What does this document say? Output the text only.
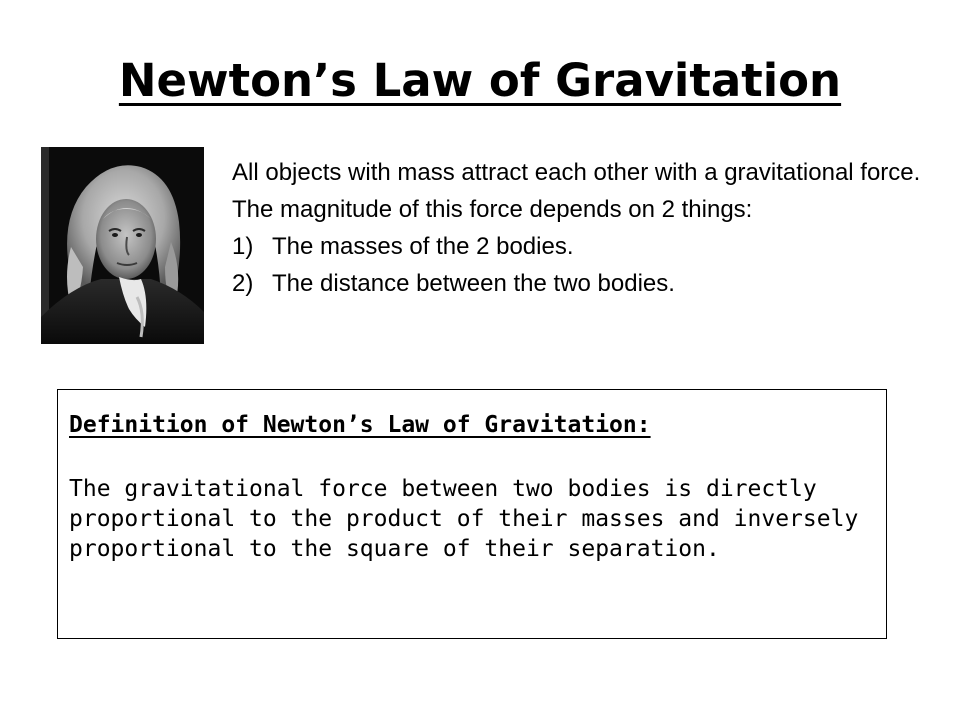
Newton’s Law of Gravitation

All objects with mass attract each other with a gravitational force.

The magnitude of this force depends on 2 things:

1) The masses of the 2 bodies.
2) The distance between the two bodies.
Definition of Newton’s Law of Gravitation:

The gravitational force between two bodies is directly proportional to the product of their masses and inversely proportional to the square of their separation.
